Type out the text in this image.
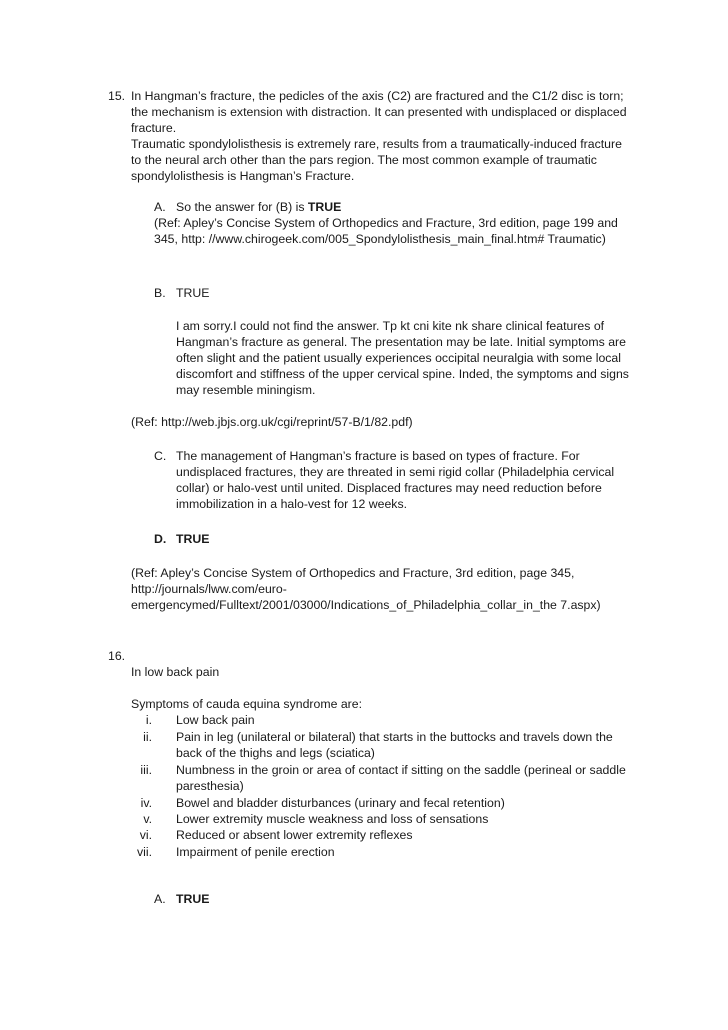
15. In Hangman’s fracture, the pedicles of the axis (C2) are fractured and the C1/2 disc is torn;
the mechanism is extension with distraction. It can presented with undisplaced or displaced
fracture.
Traumatic spondylolisthesis is extremely rare, results from a traumatically-induced fracture
to the neural arch other than the pars region. The most common example of traumatic
spondylolisthesis is Hangman’s Fracture.
A. So the answer for (B) is TRUE
(Ref: Apley’s Concise System of Orthopedics and Fracture, 3rd edition, page 199 and
345, http: //www.chirogeek.com/005_Spondylolisthesis_main_final.htm# Traumatic)
B. TRUE
I am sorry.I could not find the answer. Tp kt cni kite nk share clinical features of
Hangman’s fracture as general. The presentation may be late. Initial symptoms are
often slight and the patient usually experiences occipital neuralgia with some local
discomfort and stiffness of the upper cervical spine. Inded, the symptoms and signs
may resemble miningism.
(Ref: http://web.jbjs.org.uk/cgi/reprint/57-B/1/82.pdf)
C. The management of Hangman’s fracture is based on types of fracture. For
undisplaced fractures, they are threated in semi rigid collar (Philadelphia cervical
collar) or halo-vest until united. Displaced fractures may need reduction before
immobilization in a halo-vest for 12 weeks.
D. TRUE
(Ref: Apley’s Concise System of Orthopedics and Fracture, 3rd edition, page 345,
http://journals/lww.com/euro-
emergencymed/Fulltext/2001/03000/Indications_of_Philadelphia_collar_in_the 7.aspx)
16.
In low back pain
Symptoms of cauda equina syndrome are:
i. Low back pain
ii. Pain in leg (unilateral or bilateral) that starts in the buttocks and travels down the
back of the thighs and legs (sciatica)
iii. Numbness in the groin or area of contact if sitting on the saddle (perineal or saddle
paresthesia)
iv. Bowel and bladder disturbances (urinary and fecal retention)
v. Lower extremity muscle weakness and loss of sensations
vi. Reduced or absent lower extremity reflexes
vii. Impairment of penile erection
A. TRUE
